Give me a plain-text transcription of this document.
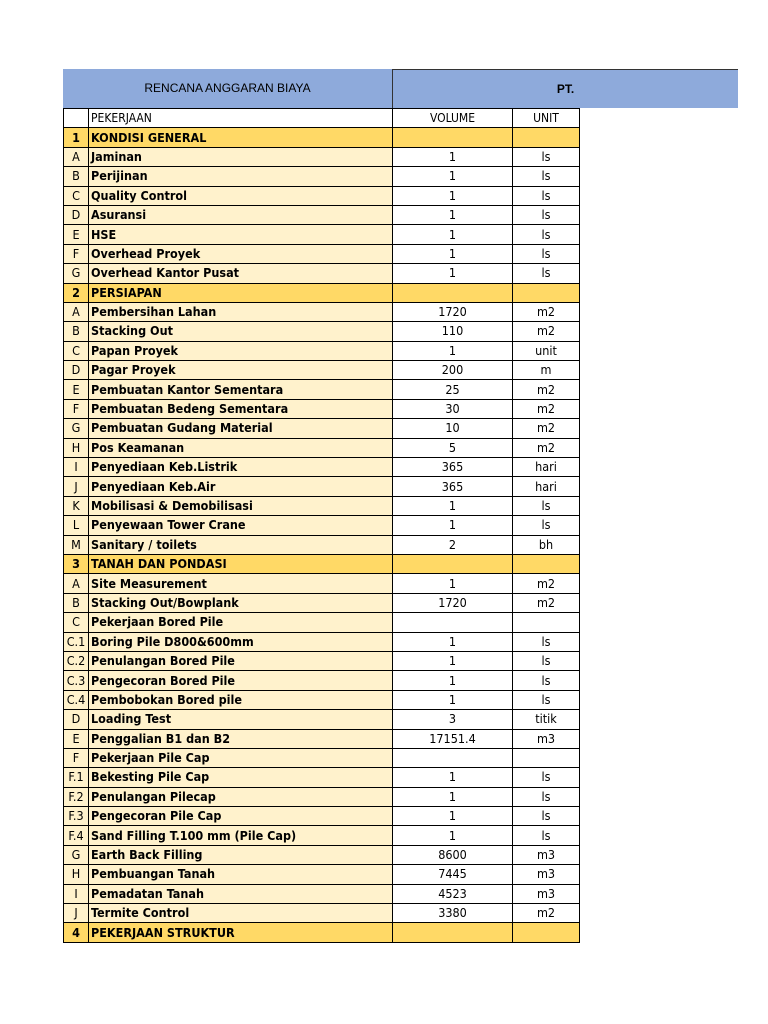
RENCANA ANGGARAN BIAYA	PT.
	PEKERJAAN	VOLUME	UNIT
1	KONDISI GENERAL		
A	Jaminan	1	ls
B	Perijinan	1	ls
C	Quality Control	1	ls
D	Asuransi	1	ls
E	HSE	1	ls
F	Overhead Proyek	1	ls
G	Overhead Kantor Pusat	1	ls
2	PERSIAPAN		
A	Pembersihan Lahan	1720	m2
B	Stacking Out	110	m2
C	Papan Proyek	1	unit
D	Pagar Proyek	200	m
E	Pembuatan Kantor Sementara	25	m2
F	Pembuatan Bedeng Sementara	30	m2
G	Pembuatan Gudang Material	10	m2
H	Pos Keamanan	5	m2
I	Penyediaan Keb.Listrik	365	hari
J	Penyediaan Keb.Air	365	hari
K	Mobilisasi & Demobilisasi	1	ls
L	Penyewaan Tower Crane	1	ls
M	Sanitary / toilets	2	bh
3	TANAH DAN PONDASI		
A	Site Measurement	1	m2
B	Stacking Out/Bowplank	1720	m2
C	Pekerjaan Bored Pile		
C.1	Boring Pile D800&600mm	1	ls
C.2	Penulangan Bored Pile	1	ls
C.3	Pengecoran Bored Pile	1	ls
C.4	Pembobokan Bored pile	1	ls
D	Loading Test	3	titik
E	Penggalian B1 dan B2	17151.4	m3
F	Pekerjaan Pile Cap		
F.1	Bekesting Pile Cap	1	ls
F.2	Penulangan Pilecap	1	ls
F.3	Pengecoran Pile Cap	1	ls
F.4	Sand Filling T.100 mm (Pile Cap)	1	ls
G	Earth Back Filling	8600	m3
H	Pembuangan Tanah	7445	m3
I	Pemadatan Tanah	4523	m3
J	Termite Control	3380	m2
4	PEKERJAAN STRUKTUR		
